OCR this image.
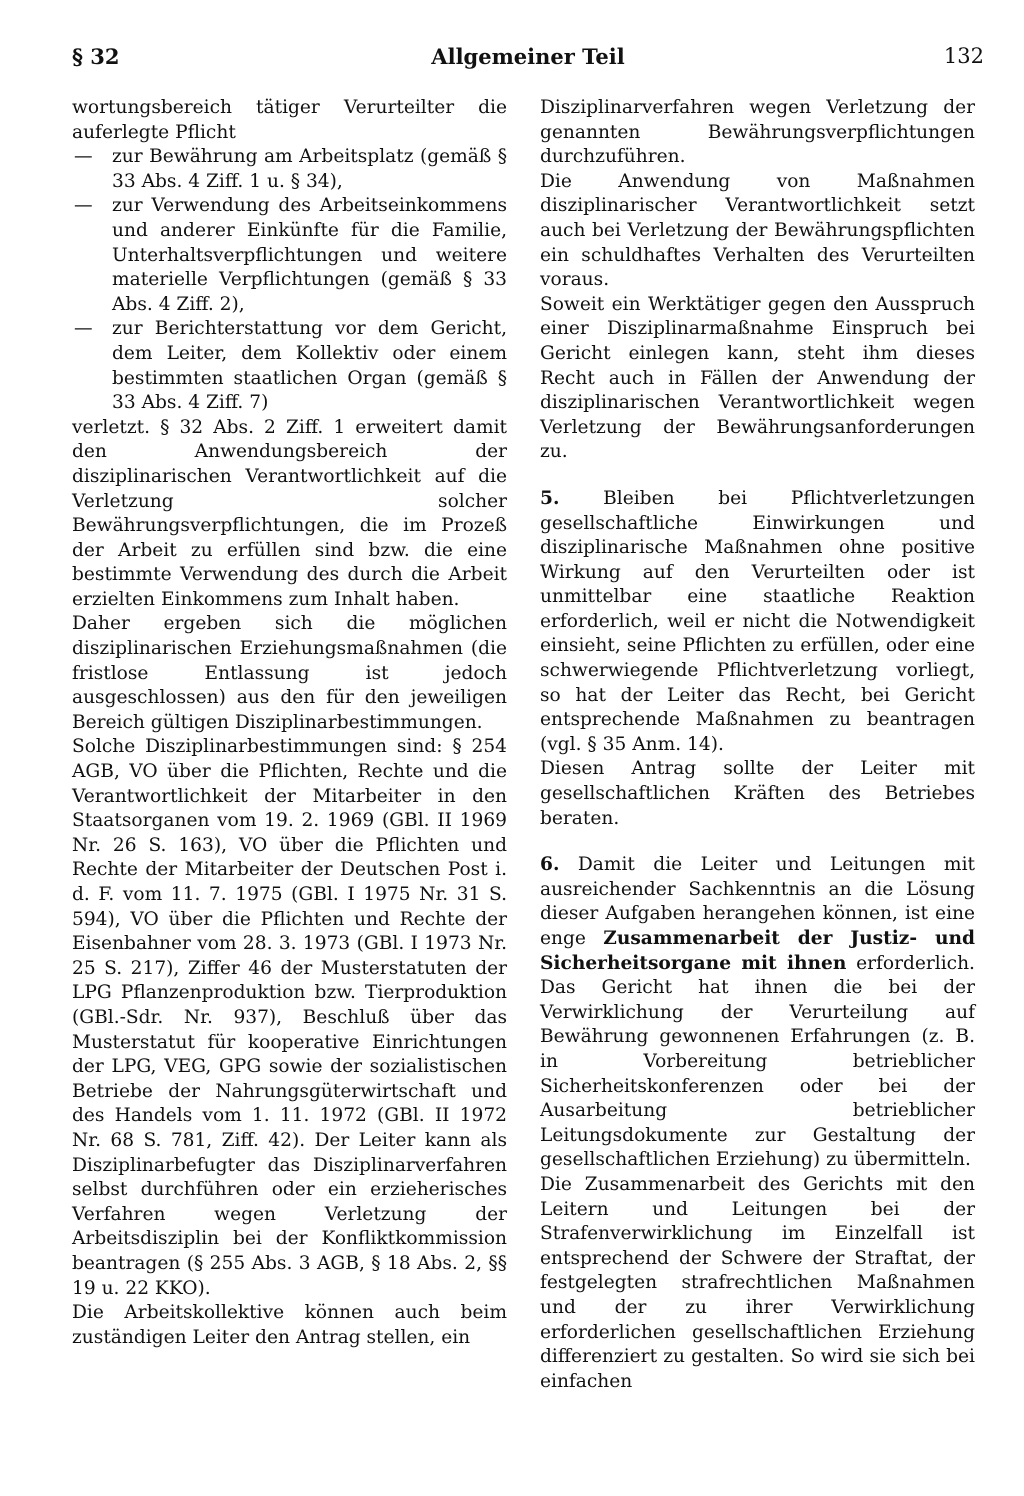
§ 32	Allgemeiner Teil	132

wortungsbereich tätiger Verurteilter die auferlegte Pflicht

— zur Bewährung am Arbeitsplatz (gemäß § 33 Abs. 4 Ziff. 1 u. § 34),
— zur Verwendung des Arbeitseinkommens und anderer Einkünfte für die Familie, Unterhaltsverpflichtungen und weitere materielle Verpflichtungen (gemäß § 33 Abs. 4 Ziff. 2),
— zur Berichterstattung vor dem Gericht, dem Leiter, dem Kollektiv oder einem bestimmten staatlichen Organ (gemäß § 33 Abs. 4 Ziff. 7)

verletzt. § 32 Abs. 2 Ziff. 1 erweitert damit den Anwendungsbereich der disziplinarischen Verantwortlichkeit auf die Verletzung solcher Bewährungsverpflichtungen, die im Prozeß der Arbeit zu erfüllen sind bzw. die eine bestimmte Verwendung des durch die Arbeit erzielten Einkommens zum Inhalt haben.

Daher ergeben sich die möglichen disziplinarischen Erziehungsmaßnahmen (die fristlose Entlassung ist jedoch ausgeschlossen) aus den für den jeweiligen Bereich gültigen Disziplinarbestimmungen.

Solche Disziplinarbestimmungen sind: § 254 AGB, VO über die Pflichten, Rechte und die Verantwortlichkeit der Mitarbeiter in den Staatsorganen vom 19. 2. 1969 (GBl. II 1969 Nr. 26 S. 163), VO über die Pflichten und Rechte der Mitarbeiter der Deutschen Post i. d. F. vom 11. 7. 1975 (GBl. I 1975 Nr. 31 S. 594), VO über die Pflichten und Rechte der Eisenbahner vom 28. 3. 1973 (GBl. I 1973 Nr. 25 S. 217), Ziffer 46 der Musterstatuten der LPG Pflanzenproduktion bzw. Tierproduktion (GBl.-Sdr. Nr. 937), Beschluß über das Musterstatut für kooperative Einrichtungen der LPG, VEG, GPG sowie der sozialistischen Betriebe der Nahrungsgüterwirtschaft und des Handels vom 1. 11. 1972 (GBl. II 1972 Nr. 68 S. 781, Ziff. 42). Der Leiter kann als Disziplinarbefugter das Disziplinarverfahren selbst durchführen oder ein erzieherisches Verfahren wegen Verletzung der Arbeitsdisziplin bei der Konfliktkommission beantragen (§ 255 Abs. 3 AGB, § 18 Abs. 2, §§ 19 u. 22 KKO).

Die Arbeitskollektive können auch beim zuständigen Leiter den Antrag stellen, ein

Disziplinarverfahren wegen Verletzung der genannten Bewährungsverpflichtungen durchzuführen.

Die Anwendung von Maßnahmen disziplinarischer Verantwortlichkeit setzt auch bei Verletzung der Bewährungspflichten ein schuldhaftes Verhalten des Verurteilten voraus.

Soweit ein Werktätiger gegen den Ausspruch einer Disziplinarmaßnahme Einspruch bei Gericht einlegen kann, steht ihm dieses Recht auch in Fällen der Anwendung der disziplinarischen Verantwortlichkeit wegen Verletzung der Bewährungsanforderungen zu.

5. Bleiben bei Pflichtverletzungen gesellschaftliche Einwirkungen und disziplinarische Maßnahmen ohne positive Wirkung auf den Verurteilten oder ist unmittelbar eine staatliche Reaktion erforderlich, weil er nicht die Notwendigkeit einsieht, seine Pflichten zu erfüllen, oder eine schwerwiegende Pflichtverletzung vorliegt, so hat der Leiter das Recht, bei Gericht entsprechende Maßnahmen zu beantragen (vgl. § 35 Anm. 14).

Diesen Antrag sollte der Leiter mit gesellschaftlichen Kräften des Betriebes beraten.

6. Damit die Leiter und Leitungen mit ausreichender Sachkenntnis an die Lösung dieser Aufgaben herangehen können, ist eine enge Zusammenarbeit der Justiz- und Sicherheitsorgane mit ihnen erforderlich. Das Gericht hat ihnen die bei der Verwirklichung der Verurteilung auf Bewährung gewonnenen Erfahrungen (z. B. in Vorbereitung betrieblicher Sicherheitskonferenzen oder bei der Ausarbeitung betrieblicher Leitungsdokumente zur Gestaltung der gesellschaftlichen Erziehung) zu übermitteln.

Die Zusammenarbeit des Gerichts mit den Leitern und Leitungen bei der Strafenverwirklichung im Einzelfall ist entsprechend der Schwere der Straftat, der festgelegten strafrechtlichen Maßnahmen und der zu ihrer Verwirklichung erforderlichen gesellschaftlichen Erziehung differenziert zu gestalten. So wird sie sich bei einfachen
